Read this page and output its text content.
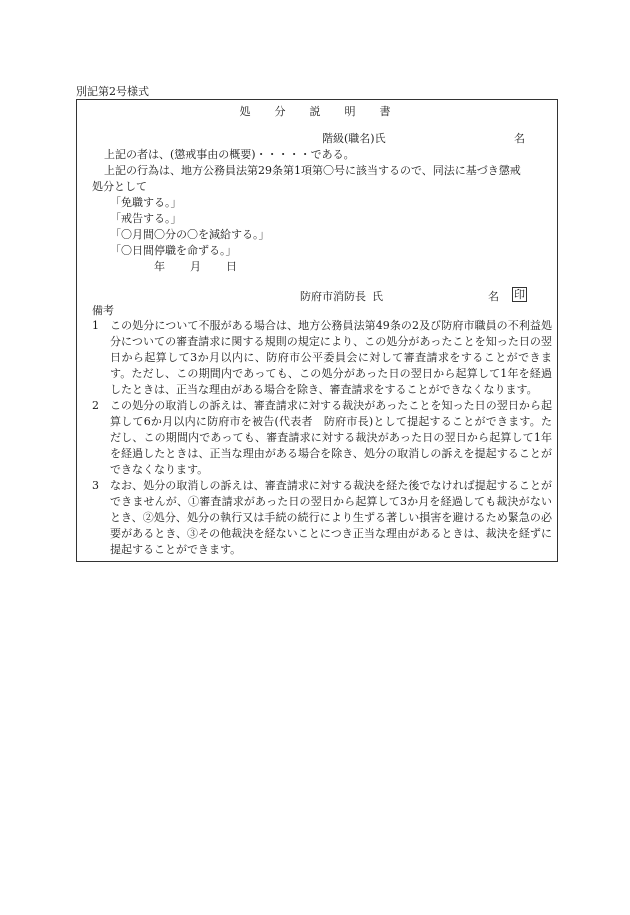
別記第2号様式
処分説明書
階級(職名)氏	名
上記の者は、(懲戒事由の概要)・・・・・である。
上記の行為は、地方公務員法第29条第1項第〇号に該当するので、同法に基づき懲戒
処分として
「免職する。」
「戒告する。」
「〇月間〇分の〇を減給する。」
「〇日間停職を命ずる。」
年 月 日
防府市消防長 氏	名	印
備考
1 この処分について不服がある場合は、地方公務員法第49条の2及び防府市職員の不利益処分についての審査請求に関する規則の規定により、この処分があったことを知った日の翌日から起算して3か月以内に、防府市公平委員会に対して審査請求をすることができます。ただし、この期間内であっても、この処分があった日の翌日から起算して1年を経過したときは、正当な理由がある場合を除き、審査請求をすることができなくなります。
2 この処分の取消しの訴えは、審査請求に対する裁決があったことを知った日の翌日から起算して6か月以内に防府市を被告(代表者　防府市長)として提起することができます。ただし、この期間内であっても、審査請求に対する裁決があった日の翌日から起算して1年を経過したときは、正当な理由がある場合を除き、処分の取消しの訴えを提起することができなくなります。
3 なお、処分の取消しの訴えは、審査請求に対する裁決を経た後でなければ提起することができませんが、①審査請求があった日の翌日から起算して3か月を経過しても裁決がないとき、②処分、処分の執行又は手続の続行により生ずる著しい損害を避けるため緊急の必要があるとき、③その他裁決を経ないことにつき正当な理由があるときは、裁決を経ずに提起することができます。
